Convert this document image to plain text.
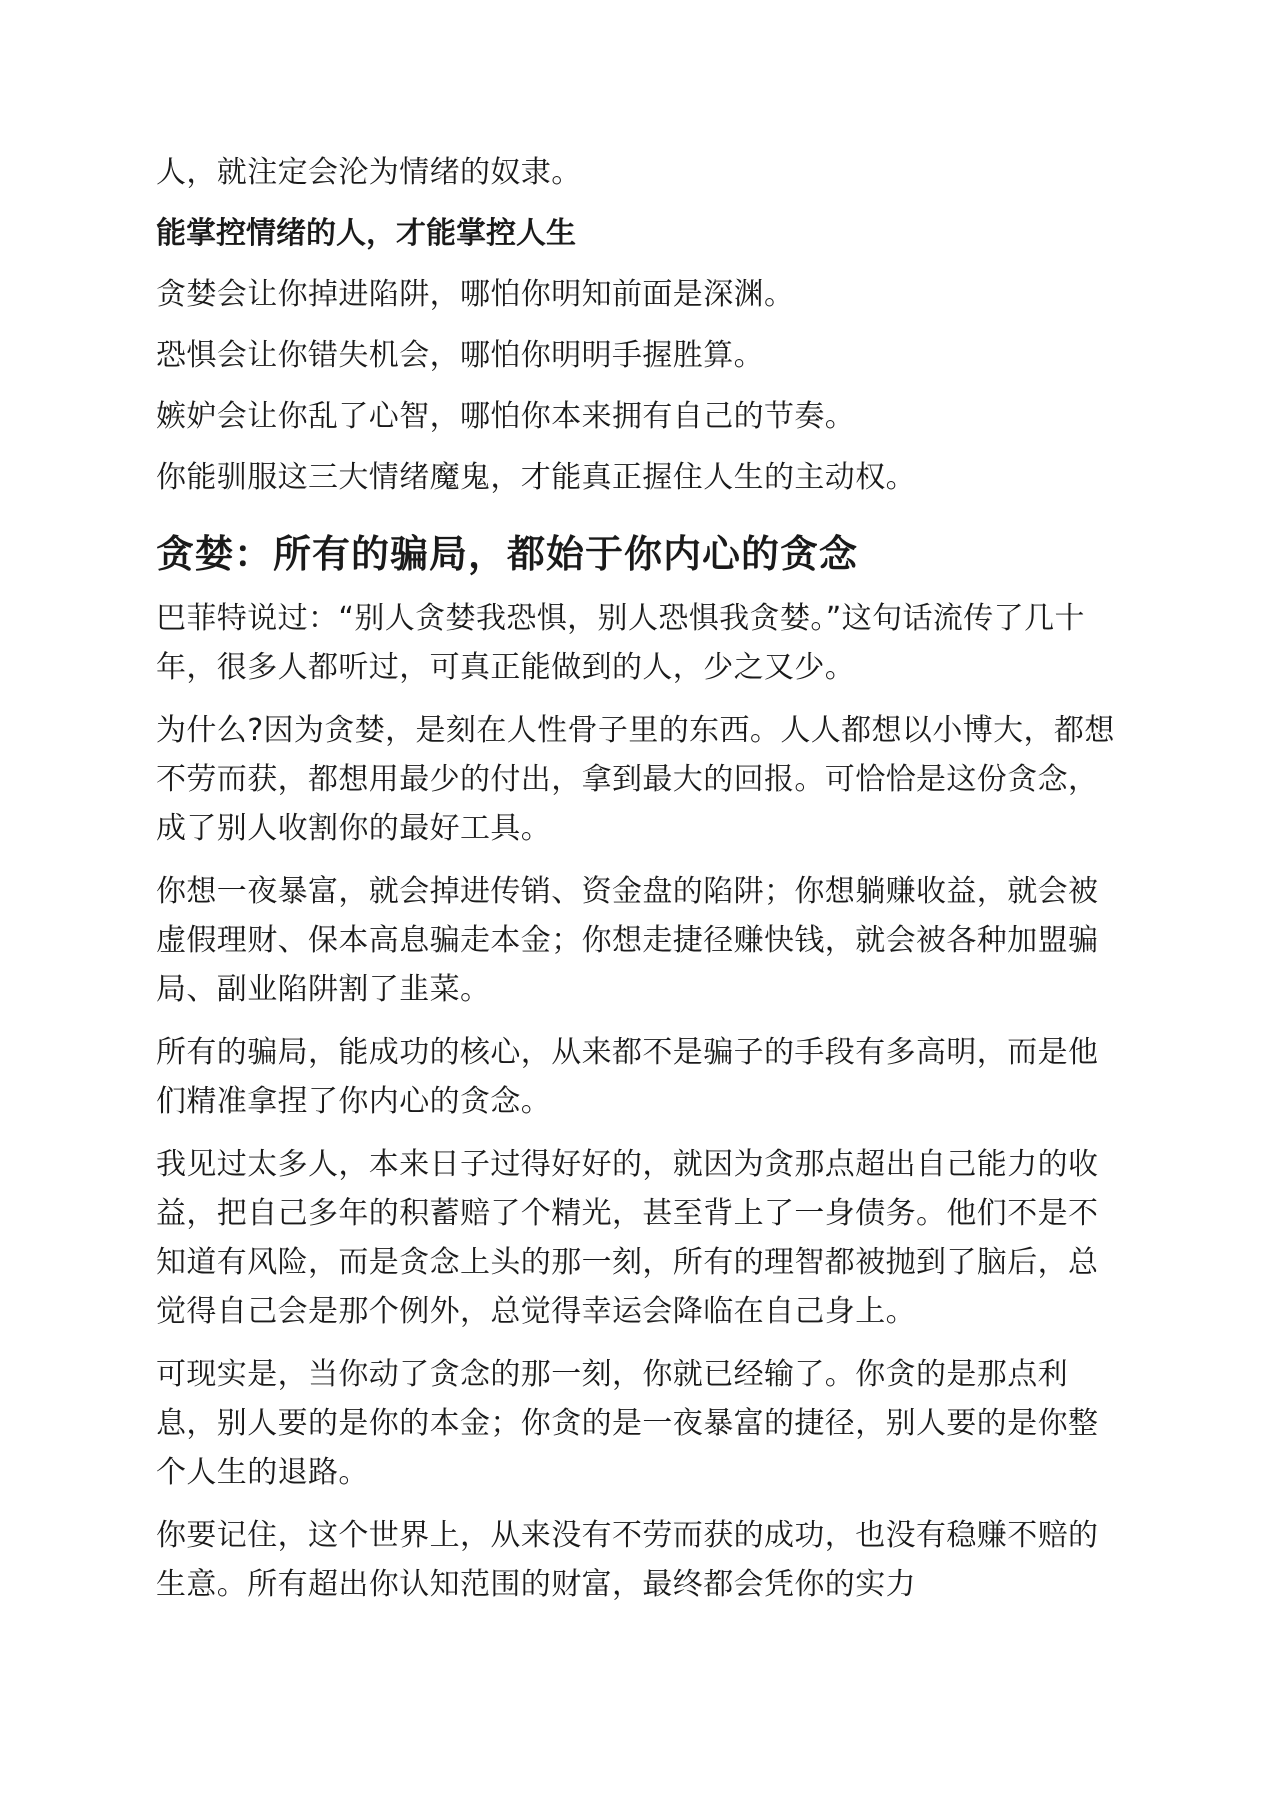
人，就注定会沦为情绪的奴隶。

能掌控情绪的人，才能掌控人生

贪婪会让你掉进陷阱，哪怕你明知前面是深渊。

恐惧会让你错失机会，哪怕你明明手握胜算。

嫉妒会让你乱了心智，哪怕你本来拥有自己的节奏。

你能驯服这三大情绪魔鬼，才能真正握住人生的主动权。

贪婪：所有的骗局，都始于你内心的贪念

巴菲特说过：“别人贪婪我恐惧，别人恐惧我贪婪。”这句话流传了几十年，很多人都听过，可真正能做到的人，少之又少。

为什么?因为贪婪，是刻在人性骨子里的东西。人人都想以小博大，都想不劳而获，都想用最少的付出，拿到最大的回报。可恰恰是这份贪念，成了别人收割你的最好工具。

你想一夜暴富，就会掉进传销、资金盘的陷阱；你想躺赚收益，就会被虚假理财、保本高息骗走本金；你想走捷径赚快钱，就会被各种加盟骗局、副业陷阱割了韭菜。

所有的骗局，能成功的核心，从来都不是骗子的手段有多高明，而是他们精准拿捏了你内心的贪念。

我见过太多人，本来日子过得好好的，就因为贪那点超出自己能力的收益，把自己多年的积蓄赔了个精光，甚至背上了一身债务。他们不是不知道有风险，而是贪念上头的那一刻，所有的理智都被抛到了脑后，总觉得自己会是那个例外，总觉得幸运会降临在自己身上。

可现实是，当你动了贪念的那一刻，你就已经输了。你贪的是那点利息，别人要的是你的本金；你贪的是一夜暴富的捷径，别人要的是你整个人生的退路。

你要记住，这个世界上，从来没有不劳而获的成功，也没有稳赚不赔的生意。所有超出你认知范围的财富，最终都会凭你的实力
